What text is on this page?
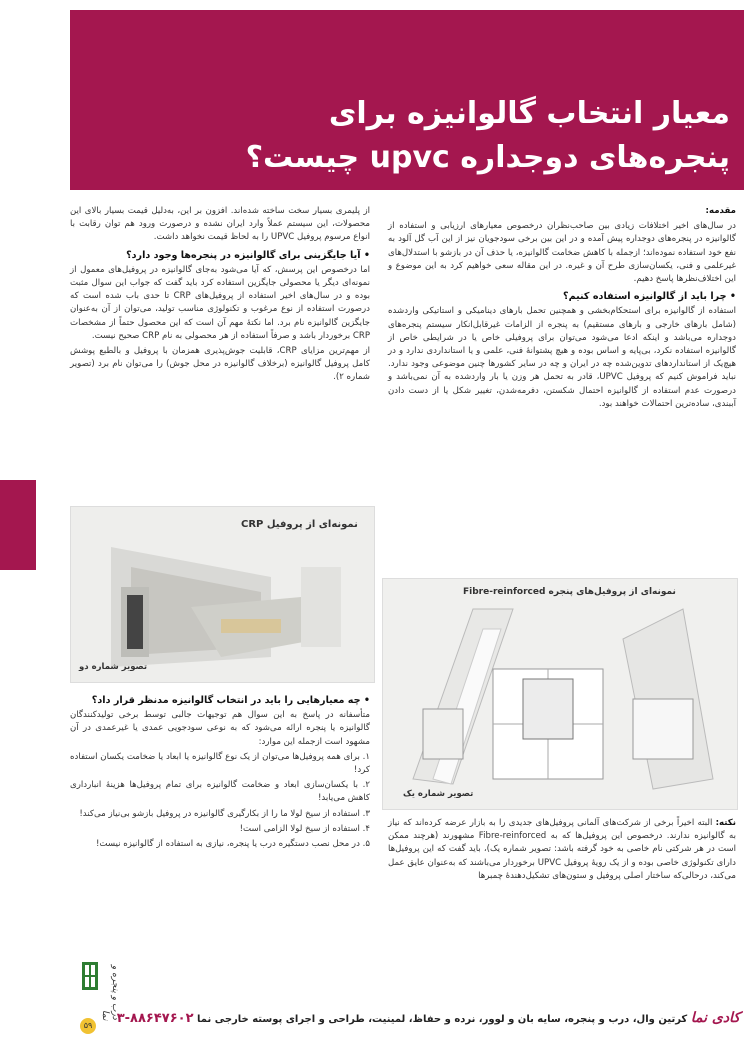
معیار انتخاب گالوانیزه برای
پنجره‌های دوجداره upvc چیست؟

مقدمه:

در سال‌های اخیر اختلافات زیادی بین صاحب‌نظران درخصوص معیارهای ارزیابی و استفاده از گالوانیزه در پنجره‌های دوجداره پیش آمده و در این بین برخی سودجویان نیز از این آب گل آلود به نفع خود استفاده نموده‌اند؛ ازجمله با کاهش ضخامت گالوانیزه، یا حذف آن در بازشو با استدلال‌های غیرعلمی و فنی، یکسان‌سازی طرح آن و غیره. در این مقاله سعی خواهیم کرد به این موضوع و این اختلاف‌نظرها پاسخ دهیم.

• چرا باید از گالوانیزه استفاده کنیم؟

استفاده از گالوانیزه برای استحکام‌بخشی و همچنین تحمل بارهای دینامیکی و استاتیکی واردشده (شامل بارهای خارجی و بارهای مستقیم) به پنجره از الزامات غیرقابل‌انکار سیستم پنجره‌های دوجداره می‌باشد و اینکه ادعا می‌شود می‌توان برای پروفیلی خاص یا در شرایطی خاص از گالوانیزه استفاده نکرد، بی‌پایه و اساس بوده و هیچ پشتوانهٔ فنی، علمی و یا استانداردی ندارد و در هیچ‌یک از استانداردهای تدوین‌شده چه در ایران و چه در سایر کشورها چنین موضوعی وجود ندارد. نباید فراموش کنیم که پروفیل UPVC، قادر به تحمل هر وزن یا بار واردشده به آن نمی‌باشد و درصورت عدم استفاده از گالوانیزه احتمال شکستن، دفرمه‌شدن، تغییر شکل یا از دست دادن آببندی، ساده‌ترین احتمالات خواهند بود.

از پلیمری بسیار سخت ساخته شده‌اند. افزون بر این، به‌دلیل قیمت بسیار بالای این محصولات، این سیستم عملاً وارد ایران نشده و درصورت ورود هم توان رقابت با انواع مرسوم پروفیل UPVC را به لحاظ قیمت نخواهد داشت.

• آیا جایگزینی برای گالوانیزه در پنجره‌ها وجود دارد؟

اما درخصوص این پرسش، که آیا می‌شود به‌جای گالوانیزه در پروفیل‌های معمول از نمونه‌ای دیگر یا محصولی جایگزین استفاده کرد باید گفت که جواب این سوال مثبت بوده و در سال‌های اخیر استفاده از پروفیل‌های CRP تا حدی باب شده است که درصورت استفاده از نوع مرغوب و تکنولوژی مناسب تولید، می‌توان از آن به‌عنوان جایگزین گالوانیزه نام برد. اما نکتهٔ مهم آن است که این محصول حتماً از مشخصات CRP برخوردار باشد و صرفاً استفاده از هر محصولی به نام CRP صحیح نیست.

از مهم‌ترین مزایای CRP، قابلیت جوش‌پذیری همزمان با پروفیل و بالطبع پوشش کامل پروفیل گالوانیزه (برخلاف گالوانیزه در محل جوش) را می‌توان نام برد (تصویر شماره ۲).

نمونه‌ای از پروفیل CRP
تصویر شماره دو
• چه معیارهایی را باید در انتخاب گالوانیزه مدنظر قرار داد؟

متأسفانه در پاسخ به این سوال هم توجیهات جالبی توسط برخی تولیدکنندگان گالوانیزه یا پنجره ارائه می‌شود که به نوعی سودجویی عمدی یا غیرعمدی در آن مشهود است ازجمله این موارد:

۱. برای همه پروفیل‌ها می‌توان از یک نوع گالوانیزه یا ابعاد یا ضخامت یکسان استفاده کرد!
۲. با یکسان‌سازی ابعاد و ضخامت گالوانیزه برای تمام پروفیل‌ها هزینهٔ انبارداری کاهش می‌یابد!
۳. استفاده از سیخ لولا ما را از بکارگیری گالوانیزه در پروفیل بازشو بی‌نیاز می‌کند!
۴. استفاده از سیخ لولا الزامی است!
۵. در محل نصب دستگیره درب یا پنجره، نیازی به استفاده از گالوانیزه نیست!
نمونه‌ای از پروفیل‌های پنجره Fibre-reinforced
تصویر شماره یک

نکته: البته اخیراً برخی از شرکت‌های آلمانی پروفیل‌های جدیدی را به بازار عرضه کرده‌اند که نیاز به گالوانیزه ندارند. درخصوص این پروفیل‌ها که به Fibre-reinforced مشهورند (هرچند ممکن است در هر شرکتی نام خاصی به خود گرفته باشد: تصویر شماره یک)، باید گفت که این پروفیل‌ها دارای تکنولوژی خاصی بوده و از یک رویهٔ پروفیل UPVC برخوردار می‌باشند که به‌عنوان عایق عمل می‌کند، درحالی‌که ساختار اصلی پروفیل و ستون‌های تشکیل‌دهندهٔ چمبرها

درب و پنجره و نما
۵۹	کادی نما کرتین وال، درب و پنجره، سایه بان و لوور، نرده و حفاظ، لمینیت، طراحی و اجرای پوسته خارجی نما ۸۸۶۴۷۶۰۲-۳
